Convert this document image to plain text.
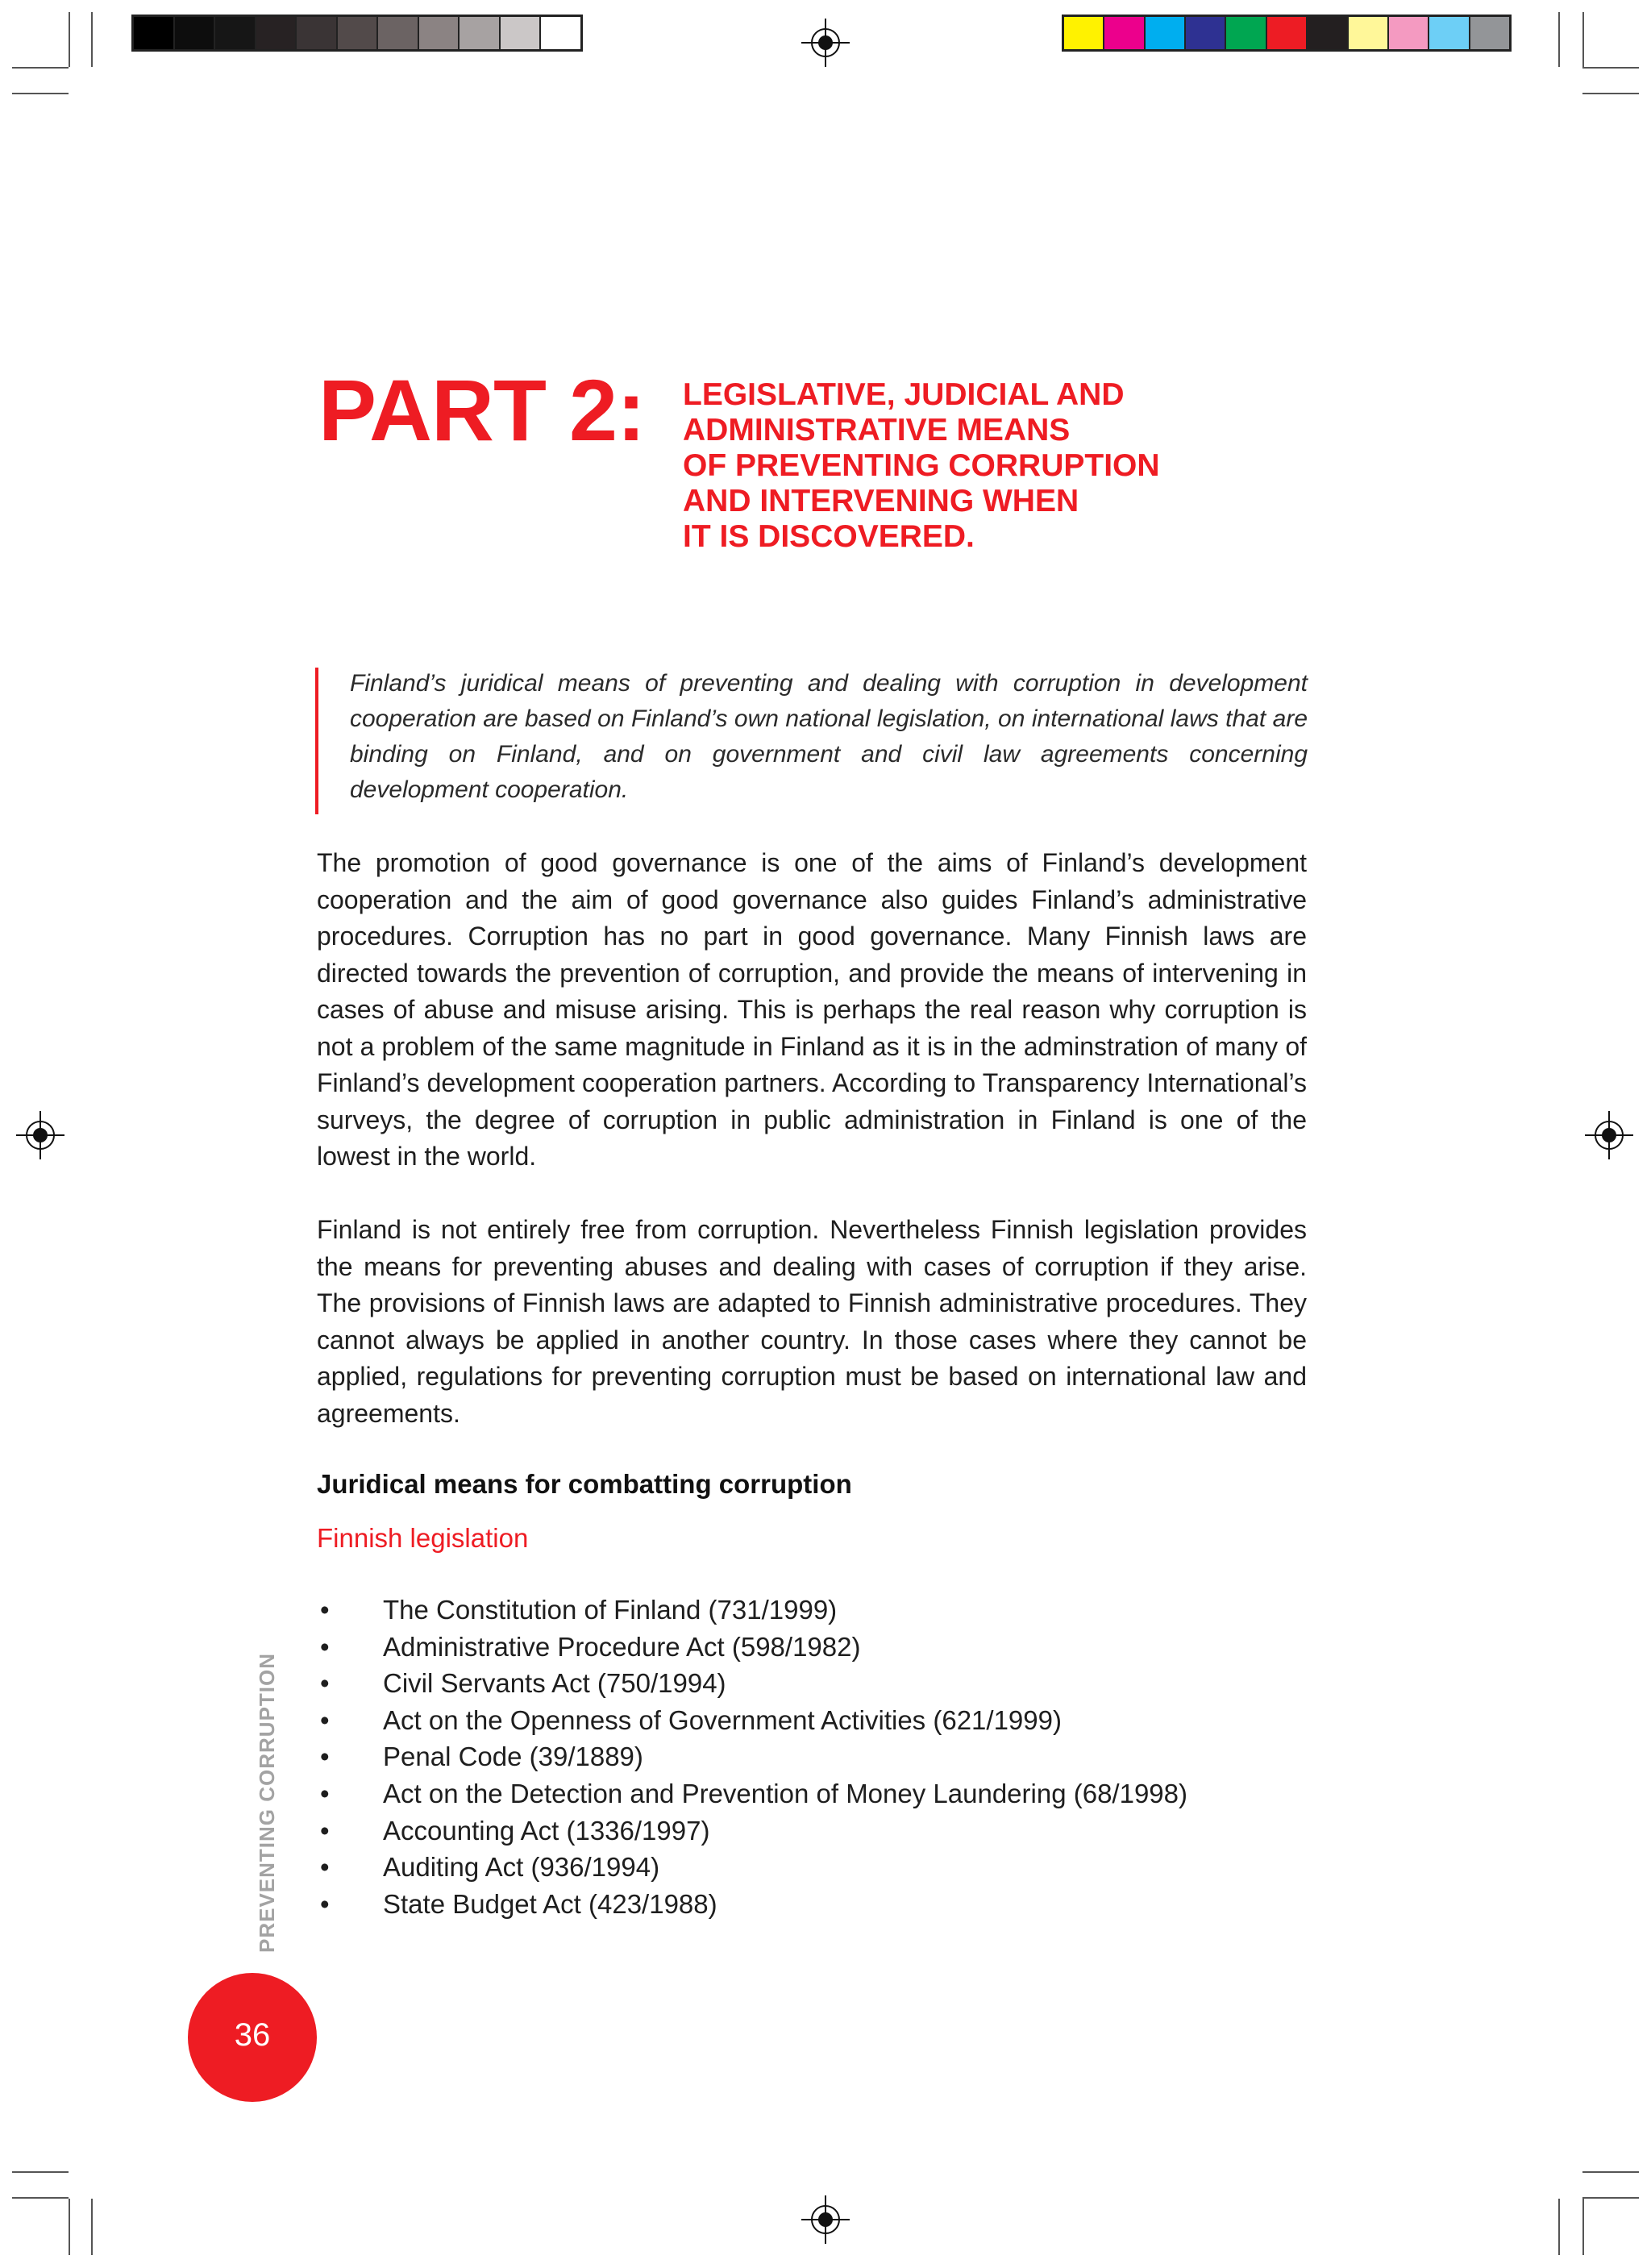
PART 2: LEGISLATIVE, JUDICIAL AND
ADMINISTRATIVE MEANS
OF PREVENTING CORRUPTION
AND INTERVENING WHEN
IT IS DISCOVERED.
Finland’s juridical means of preventing and dealing with corruption in development cooperation are based on Finland’s own national legislation, on international laws that are binding on Finland, and on government and civil law agreements concerning development cooperation.
The promotion of good governance is one of the aims of Finland’s development cooperation and the aim of good governance also guides Finland’s administrative procedures. Corruption has no part in good governance. Many Finnish laws are directed towards the prevention of corruption, and provide the means of intervening in cases of abuse and misuse arising. This is perhaps the real reason why corruption is not a problem of the same magnitude in Finland as it is in the adminstration of many of Finland’s development cooperation partners. According to Transparency International’s surveys, the degree of corruption in public administration in Finland is one of the lowest in the world.
Finland is not entirely free from corruption. Nevertheless Finnish legislation provides the means for preventing abuses and dealing with cases of corruption if they arise. The provisions of Finnish laws are adapted to Finnish administrative procedures. They cannot always be applied in another country. In those cases where they cannot be applied, regulations for preventing corruption must be based on international law and agreements.
Juridical means for combatting corruption
Finnish legislation
• The Constitution of Finland (731/1999)
• Administrative Procedure Act (598/1982)
• Civil Servants Act (750/1994)
• Act on the Openness of Government Activities (621/1999)
• Penal Code (39/1889)
• Act on the Detection and Prevention of Money Laundering (68/1998)
• Accounting Act (1336/1997)
• Auditing Act (936/1994)
• State Budget Act (423/1988)
PREVENTING CORRUPTION
36
